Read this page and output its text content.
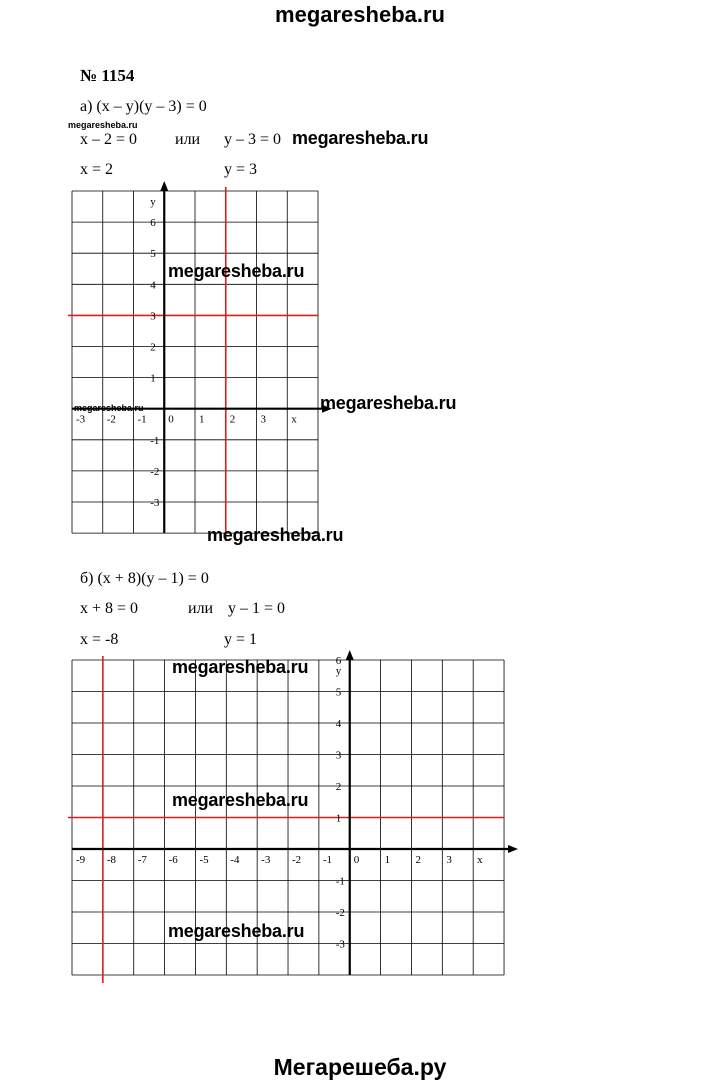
megaresheba.ru
№ 1154
а) (x – y)(y – 3) = 0
x – 2 = 0 или y – 3 = 0
x = 2	y = 3
-3 -2 -1 0 1 2 3
6
5
4
3
2
1
-1
-2
-3
x
y
б) (x + 8)(y – 1) = 0
x + 8 = 0	или y – 1 = 0
x = -8	y = 1
-9 -8 -7 -6 -5 -4 -3 -2 -1 0 1 2 3
6
5
4
3
2
1
-1
-2
-3
x
y
megaresheba.ru
megaresheba.ru
megaresheba.ru
megaresheba.ru
megaresheba.ru
megaresheba.ru
megaresheba.ru
megaresheba.ru
megaresheba.ru
Мегарешеба.ру
